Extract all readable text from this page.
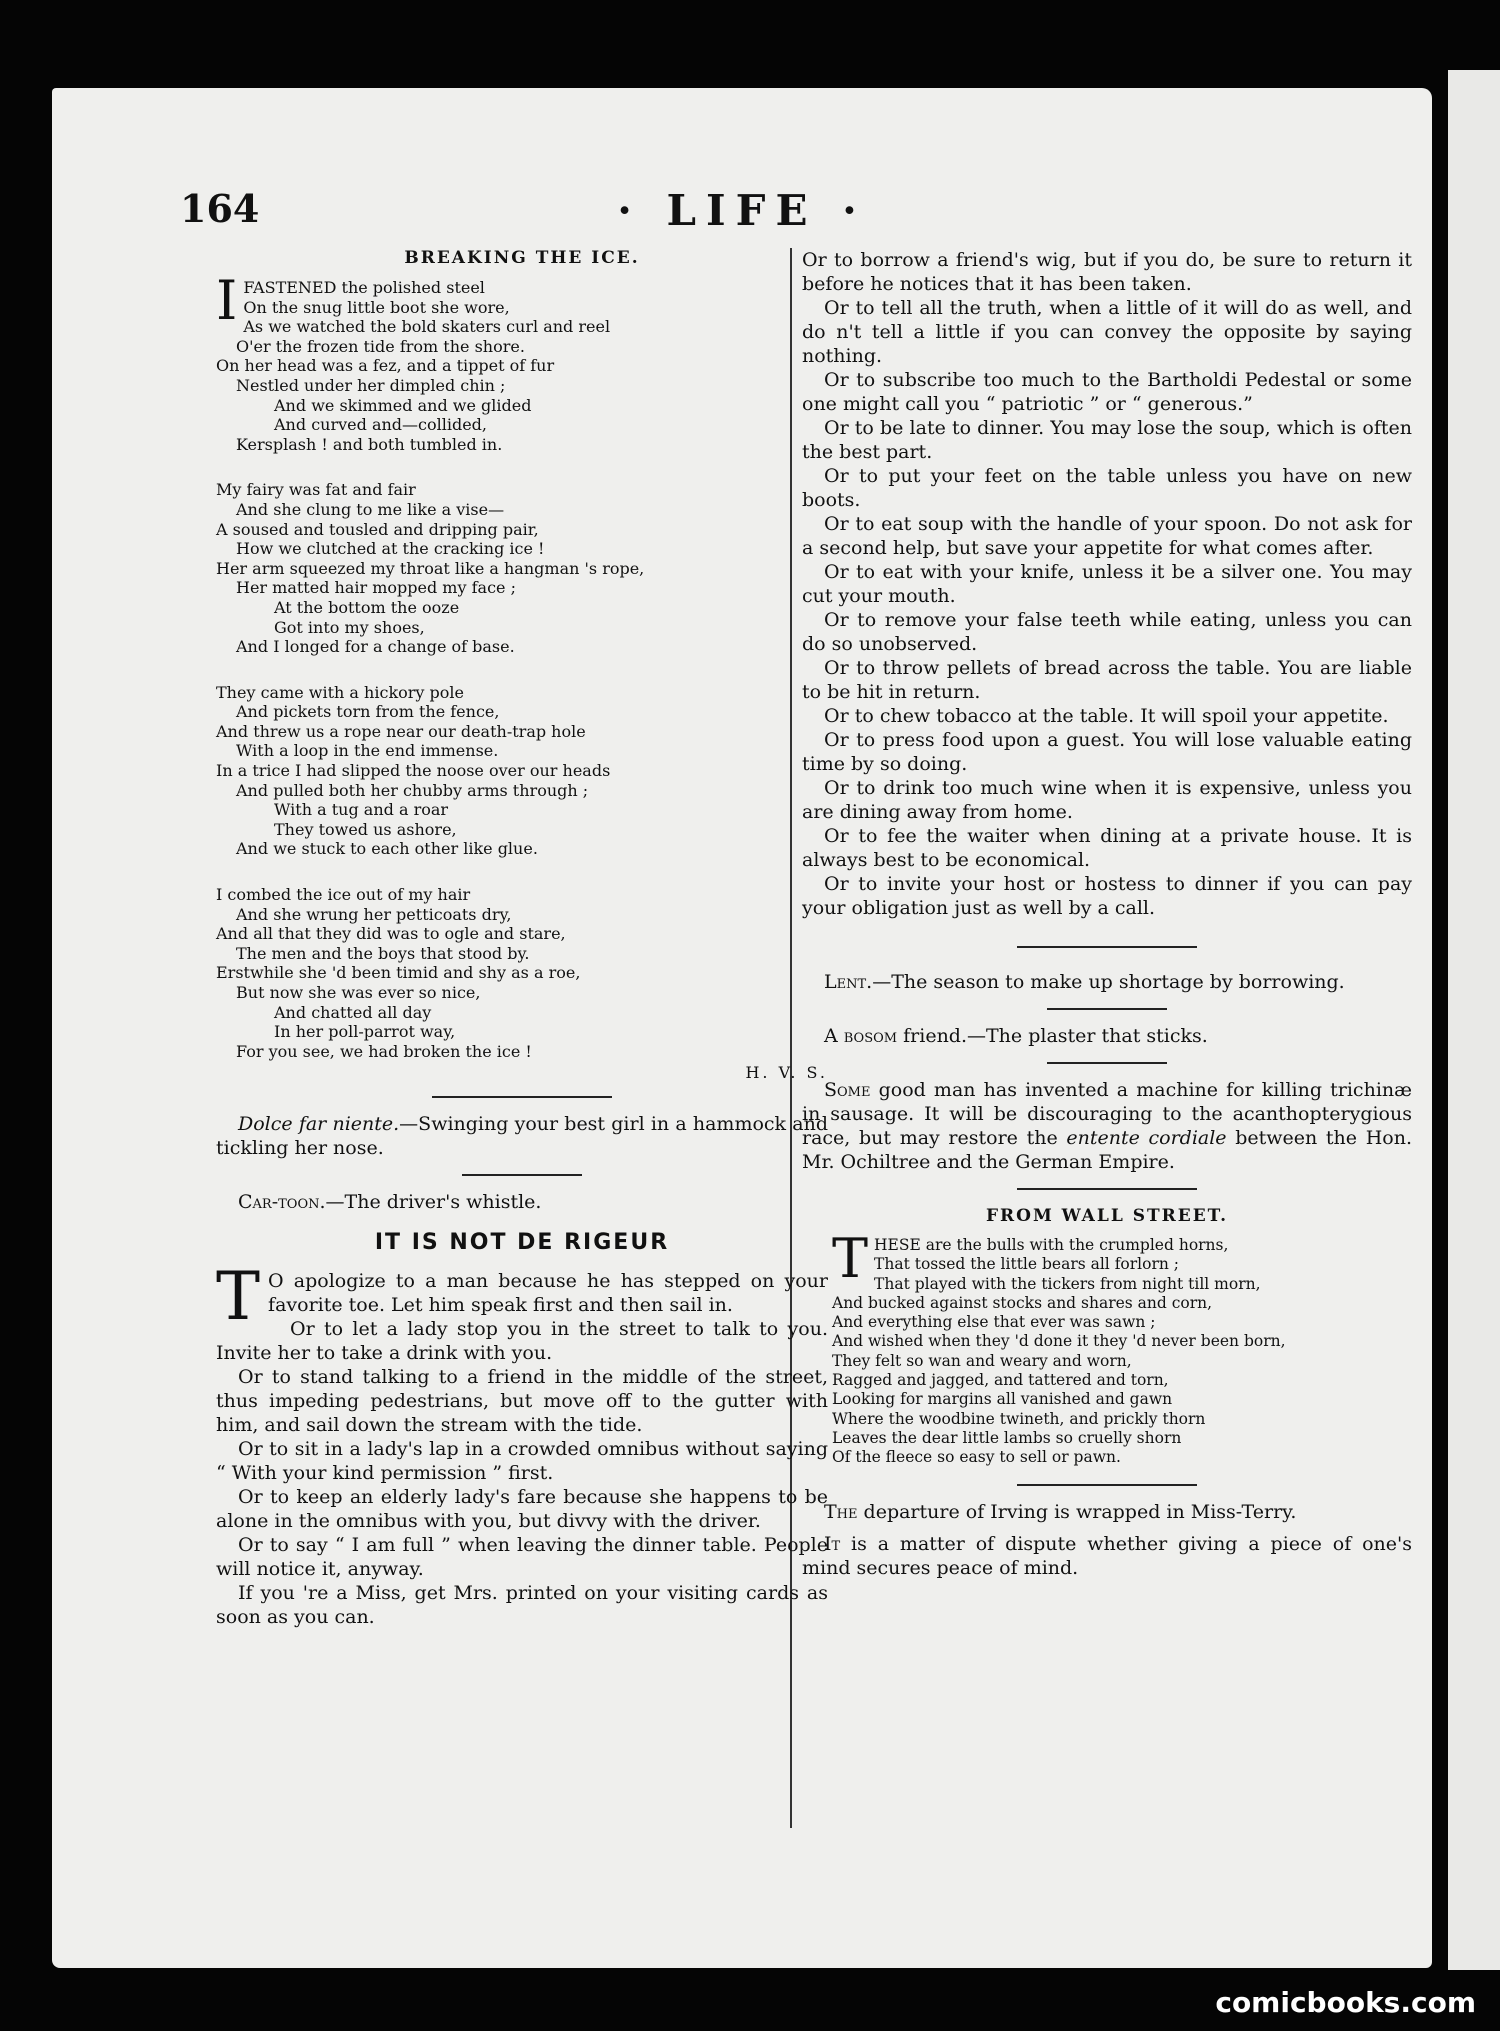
164	· LIFE ·
BREAKING THE ICE.
IFASTENED the polished steel
On the snug little boot she wore,
As we watched the bold skaters curl and reel
O'er the frozen tide from the shore.
On her head was a fez, and a tippet of fur
Nestled under her dimpled chin ;
And we skimmed and we glided
And curved and—collided,
Kersplash ! and both tumbled in.
My fairy was fat and fair
And she clung to me like a vise—
A soused and tousled and dripping pair,
How we clutched at the cracking ice !
Her arm squeezed my throat like a hangman 's rope,
Her matted hair mopped my face ;
At the bottom the ooze
Got into my shoes,
And I longed for a change of base.
They came with a hickory pole
And pickets torn from the fence,
And threw us a rope near our death-trap hole
With a loop in the end immense.
In a trice I had slipped the noose over our heads
And pulled both her chubby arms through ;
With a tug and a roar
They towed us ashore,
And we stuck to each other like glue.
I combed the ice out of my hair
And she wrung her petticoats dry,
And all that they did was to ogle and stare,
The men and the boys that stood by.
Erstwhile she 'd been timid and shy as a roe,
But now she was ever so nice,
And chatted all day
In her poll-parrot way,
For you see, we had broken the ice !
H. V. S.

Dolce far niente.—Swinging your best girl in a hammock and tickling her nose.

Car-toon.—The driver's whistle.

IT IS NOT DE RIGEUR

T O apologize to a man because he has stepped on your favorite toe. Let him speak first and then sail in.

Or to let a lady stop you in the street to talk to you. Invite her to take a drink with you.

Or to stand talking to a friend in the middle of the street, thus impeding pedestrians, but move off to the gutter with him, and sail down the stream with the tide.

Or to sit in a lady's lap in a crowded omnibus without saying “ With your kind permission ” first.

Or to keep an elderly lady's fare because she happens to be alone in the omnibus with you, but divvy with the driver.

Or to say “ I am full ” when leaving the dinner table. People will notice it, anyway.

If you 're a Miss, get Mrs. printed on your visiting cards as soon as you can.

Or to borrow a friend's wig, but if you do, be sure to return it before he notices that it has been taken.

Or to tell all the truth, when a little of it will do as well, and do n't tell a little if you can convey the opposite by saying nothing.

Or to subscribe too much to the Bartholdi Pedestal or some one might call you “ patriotic ” or “ generous.”

Or to be late to dinner. You may lose the soup, which is often the best part.

Or to put your feet on the table unless you have on new boots.

Or to eat soup with the handle of your spoon. Do not ask for a second help, but save your appetite for what comes after.

Or to eat with your knife, unless it be a silver one. You may cut your mouth.

Or to remove your false teeth while eating, unless you can do so unobserved.

Or to throw pellets of bread across the table. You are liable to be hit in return.

Or to chew tobacco at the table. It will spoil your appetite.

Or to press food upon a guest. You will lose valuable eating time by so doing.

Or to drink too much wine when it is expensive, unless you are dining away from home.

Or to fee the waiter when dining at a private house. It is always best to be economical.

Or to invite your host or hostess to dinner if you can pay your obligation just as well by a call.

Lent.—The season to make up shortage by borrowing.

A bosom friend.—The plaster that sticks.

Some good man has invented a machine for killing trichinæ in sausage. It will be discouraging to the acanthopterygious race, but may restore the entente cordiale between the Hon. Mr. Ochiltree and the German Empire.

FROM WALL STREET.
T HESE are the bulls with the crumpled horns,
That tossed the little bears all forlorn ;
That played with the tickers from night till morn,
And bucked against stocks and shares and corn,
And everything else that ever was sawn ;
And wished when they 'd done it they 'd never been born,
They felt so wan and weary and worn,
Ragged and jagged, and tattered and torn,
Looking for margins all vanished and gawn
Where the woodbine twineth, and prickly thorn
Leaves the dear little lambs so cruelly shorn
Of the fleece so easy to sell or pawn.

The departure of Irving is wrapped in Miss-Terry.

It is a matter of dispute whether giving a piece of one's mind secures peace of mind.

comicbooks.com
